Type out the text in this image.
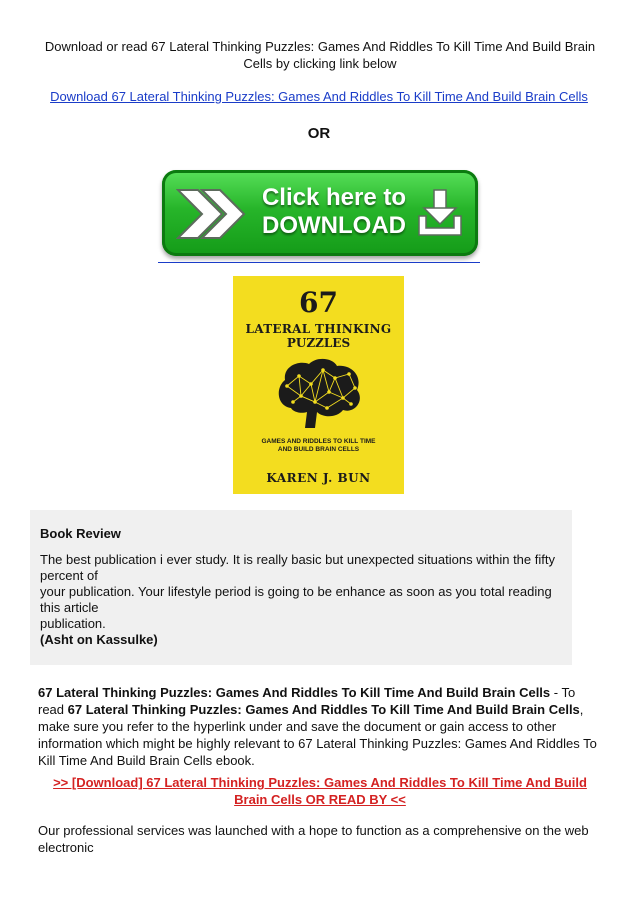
Download or read 67 Lateral Thinking Puzzles: Games And Riddles To Kill Time And Build Brain Cells by clicking link below
Download 67 Lateral Thinking Puzzles: Games And Riddles To Kill Time And Build Brain Cells
OR
Click here to
DOWNLOAD
67
LATERAL THINKING
PUZZLES
GAMES AND RIDDLES TO KILL TIME
AND BUILD BRAIN CELLS
KAREN J. BUN
Book Review
The best publication i ever study. It is really basic but unexpected situations within the fifty
percent of
your publication. Your lifestyle period is going to be enhance as soon as you total reading
this article
publication.
(Asht on Kassulke)
67 Lateral Thinking Puzzles: Games And Riddles To Kill Time And Build Brain Cells - To read 67 Lateral Thinking Puzzles: Games And Riddles To Kill Time And Build Brain Cells, make sure you refer to the hyperlink under and save the document or gain access to other information which might be highly relevant to 67 Lateral Thinking Puzzles: Games And Riddles To Kill Time And Build Brain Cells ebook.
>> [Download] 67 Lateral Thinking Puzzles: Games And Riddles To Kill Time And Build Brain Cells OR READ BY <<
Our professional services was launched with a hope to function as a comprehensive on the web electronic
